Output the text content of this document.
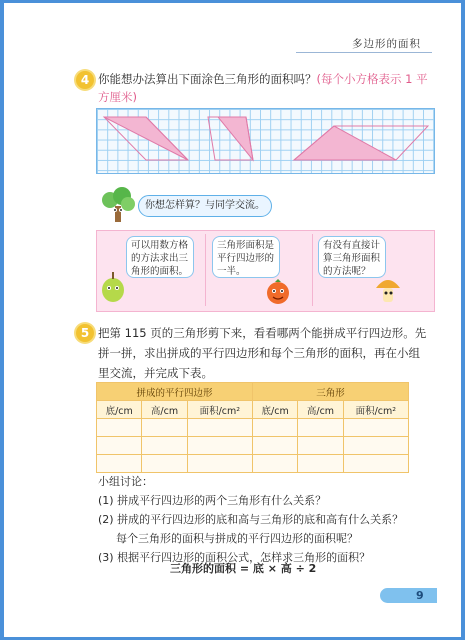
多边形的面积
4 你能想办法算出下面涂色三角形的面积吗？(每个小方格表示 1 平方厘米)
你想怎样算？与同学交流。
可以用数方格的方法求出三角形的面积。
三角形面积是平行四边形的一半。
有没有直接计算三角形面积的方法呢？
5 把第 115 页的三角形剪下来，看看哪两个能拼成平行四边形。先拼一拼，求出拼成的平行四边形和每个三角形的面积，再在小组里交流，并完成下表。
拼成的平行四边形			三角形		
底/cm	高/cm	面积/cm²	底/cm	高/cm	面积/cm²

小组讨论：
(1) 拼成平行四边形的两个三角形有什么关系？
(2) 拼成的平行四边形的底和高与三角形的底和高有什么关系？
每个三角形的面积与拼成的平行四边形的面积呢？
(3) 根据平行四边形的面积公式，怎样求三角形的面积？
三角形的面积 = 底 × 高 ÷ 2
9
